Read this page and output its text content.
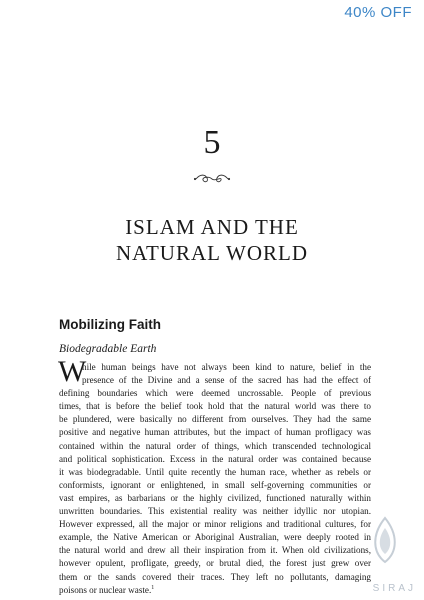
40% OFF
5
ISLAM AND THE
NATURAL WORLD
Mobilizing Faith
Biodegradable Earth
W
hile human beings have not always been kind to nature, belief in the
presence of the Divine and a sense of the sacred has had the effect of
defining boundaries which were deemed uncrossable. People of previous
times, that is before the belief took hold that the natural world was there to
be plundered, were basically no different from ourselves. They had the same
positive and negative human attributes, but the impact of human profligacy was
contained within the natural order of things, which transcended technological
and political sophistication. Excess in the natural order was contained because
it was biodegradable. Until quite recently the human race, whether as rebels or
conformists, ignorant or enlightened, in small self-governing communities or
vast empires, as barbarians or the highly civilized, functioned naturally within
unwritten boundaries. This existential reality was neither idyllic nor utopian.
However expressed, all the major or minor religions and traditional cultures, for
example, the Native American or Aboriginal Australian, were deeply rooted in
the natural world and drew all their inspiration from it. When old civilizations,
however opulent, profligate, greedy, or brutal died, the forest just grew over
them or the sands covered their traces. They left no pollutants, damaging
poisons or nuclear waste.$^1$	SIRAJ
